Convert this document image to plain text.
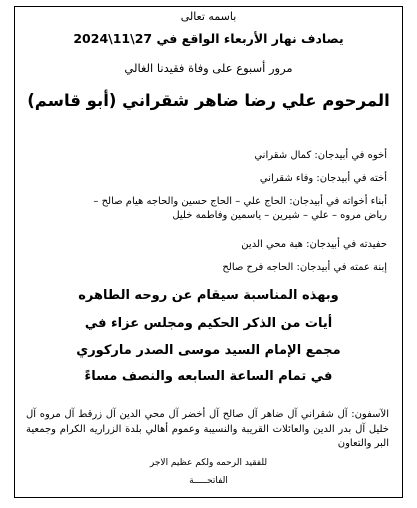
باسمه تعالى
يصادف نهار الأربعاء الواقع في 27\11\2024
مرور أسبوع على وفاة فقيدنا الغالي
المرحوم علي رضا ضاهر شقراني (أبو قاسم)
أخوه في أبيدجان: كمال شقراني
أخته في أبيدجان: وفاء شقراني
أبناء أخواته في أبيدجان: الحاج علي – الحاج حسين والحاجه هيام صالح –
رياض مروه – علي – شيرين – ياسمين وفاطمه خليل
حفيدته في أبيدجان: هبة محي الدين
إبنة عمته في أبيدجان: الحاجه فرح صالح
وبهذه المناسبة سيقام عن روحه الطاهره
أيات من الذكر الحكيم ومجلس عزاء في
مجمع الإمام السيد موسى الصدر ماركوري
في تمام الساعة السابعه والنصف مساءً
الآسفون: آل شقراني آل ضاهر آل صالح آل أخضر آل محي الدين آل زرقط آل مروه آل خليل آل بدر الدين والعائلات القريبة والنسيبة وعموم أهالي بلدة الزراريه الكرام وجمعية البر والتعاون
للفقيد الرحمه ولكم عظيم الاجر
الفاتحـــــة
